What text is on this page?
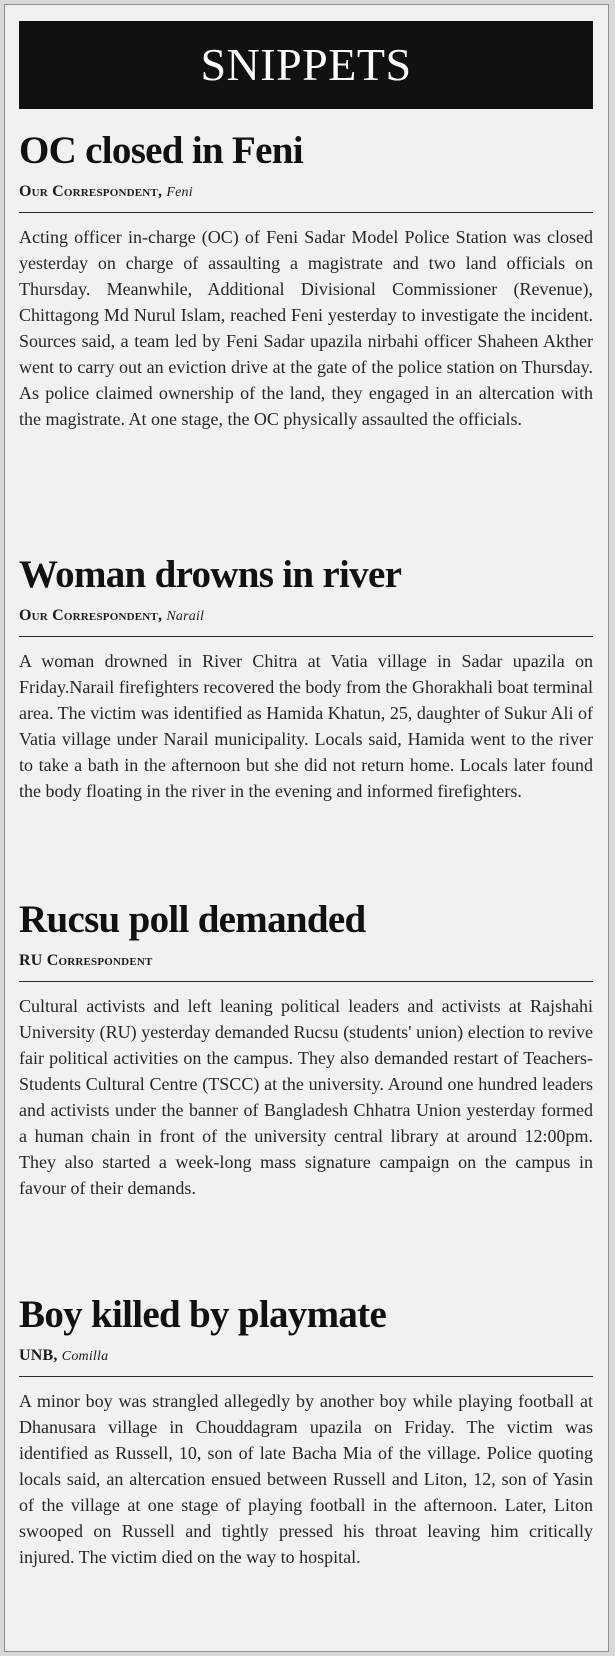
SNIPPETS
OC closed in Feni
Our Correspondent, Feni

Acting officer in-charge (OC) of Feni Sadar Model Police Station was closed yesterday on charge of assaulting a magistrate and two land officials on Thursday. Meanwhile, Additional Divisional Commissioner (Revenue), Chittagong Md Nurul Islam, reached Feni yesterday to investigate the incident. Sources said, a team led by Feni Sadar upazila nirbahi officer Shaheen Akther went to carry out an eviction drive at the gate of the police station on Thursday. As police claimed ownership of the land, they engaged in an altercation with the magistrate. At one stage, the OC physically assaulted the officials.

Woman drowns in river
Our Correspondent, Narail

A woman drowned in River Chitra at Vatia village in Sadar upazila on Friday.Narail firefighters recovered the body from the Ghorakhali boat terminal area. The victim was identified as Hamida Khatun, 25, daughter of Sukur Ali of Vatia village under Narail municipality. Locals said, Hamida went to the river to take a bath in the afternoon but she did not return home. Locals later found the body floating in the river in the evening and informed firefighters.

Rucsu poll demanded
RU Correspondent

Cultural activists and left leaning political leaders and activists at Rajshahi University (RU) yesterday demanded Rucsu (students' union) election to revive fair political activities on the campus. They also demanded restart of Teachers-Students Cultural Centre (TSCC) at the university. Around one hundred leaders and activists under the banner of Bangladesh Chhatra Union yesterday formed a human chain in front of the university central library at around 12:00pm. They also started a week-long mass signature campaign on the campus in favour of their demands.

Boy killed by playmate
UNB, Comilla

A minor boy was strangled allegedly by another boy while playing football at Dhanusara village in Chouddagram upazila on Friday. The victim was identified as Russell, 10, son of late Bacha Mia of the village. Police quoting locals said, an altercation ensued between Russell and Liton, 12, son of Yasin of the village at one stage of playing football in the afternoon. Later, Liton swooped on Russell and tightly pressed his throat leaving him critically injured. The victim died on the way to hospital.
